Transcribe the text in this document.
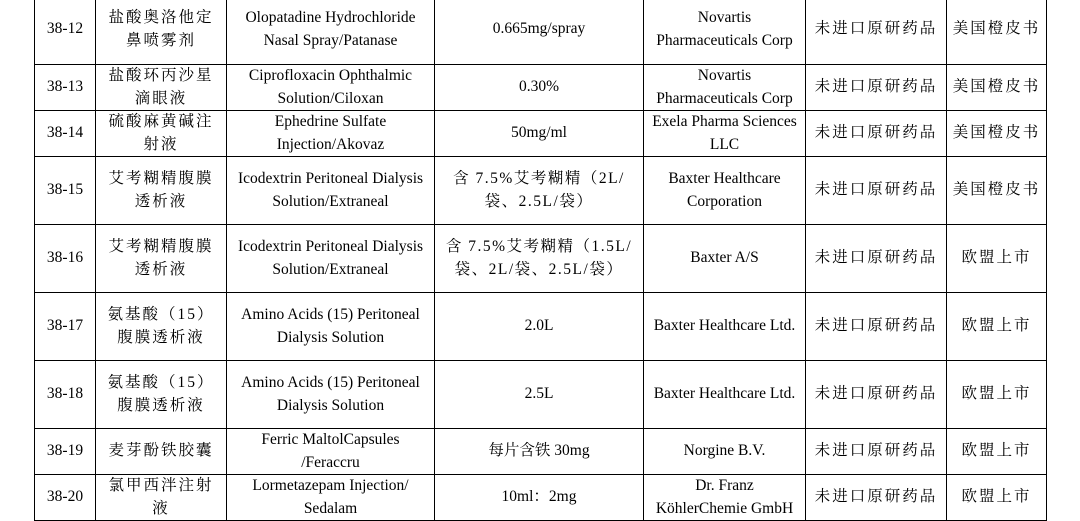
38-12	盐酸奥洛他定鼻喷雾剂	Olopatadine Hydrochloride Nasal Spray/Patanase	0.665mg/spray	Novartis Pharmaceuticals Corp	未进口原研药品	美国橙皮书
38-13	盐酸环丙沙星滴眼液	Ciprofloxacin Ophthalmic Solution/Ciloxan	0.30%	Novartis Pharmaceuticals Corp	未进口原研药品	美国橙皮书
38-14	硫酸麻黄碱注射液	Ephedrine Sulfate Injection/Akovaz	50mg/ml	Exela Pharma Sciences LLC	未进口原研药品	美国橙皮书
38-15	艾考糊精腹膜透析液	Icodextrin Peritoneal Dialysis Solution/Extraneal	含 7.5%艾考糊精（2L/袋、2.5L/袋）	Baxter Healthcare Corporation	未进口原研药品	美国橙皮书
38-16	艾考糊精腹膜透析液	Icodextrin Peritoneal Dialysis Solution/Extraneal	含 7.5%艾考糊精（1.5L/袋、2L/袋、2.5L/袋）	Baxter A/S	未进口原研药品	欧盟上市
38-17	氨基酸（15）腹膜透析液	Amino Acids (15) Peritoneal Dialysis Solution	2.0L	Baxter Healthcare Ltd.	未进口原研药品	欧盟上市
38-18	氨基酸（15）腹膜透析液	Amino Acids (15) Peritoneal Dialysis Solution	2.5L	Baxter Healthcare Ltd.	未进口原研药品	欧盟上市
38-19	麦芽酚铁胶囊	Ferric MaltolCapsules /Feraccru	每片含铁 30mg	Norgine B.V.	未进口原研药品	欧盟上市
38-20	氯甲西泮注射液	Lormetazepam Injection/ Sedalam	10ml：2mg	Dr. Franz KöhlerChemie GmbH	未进口原研药品	欧盟上市
